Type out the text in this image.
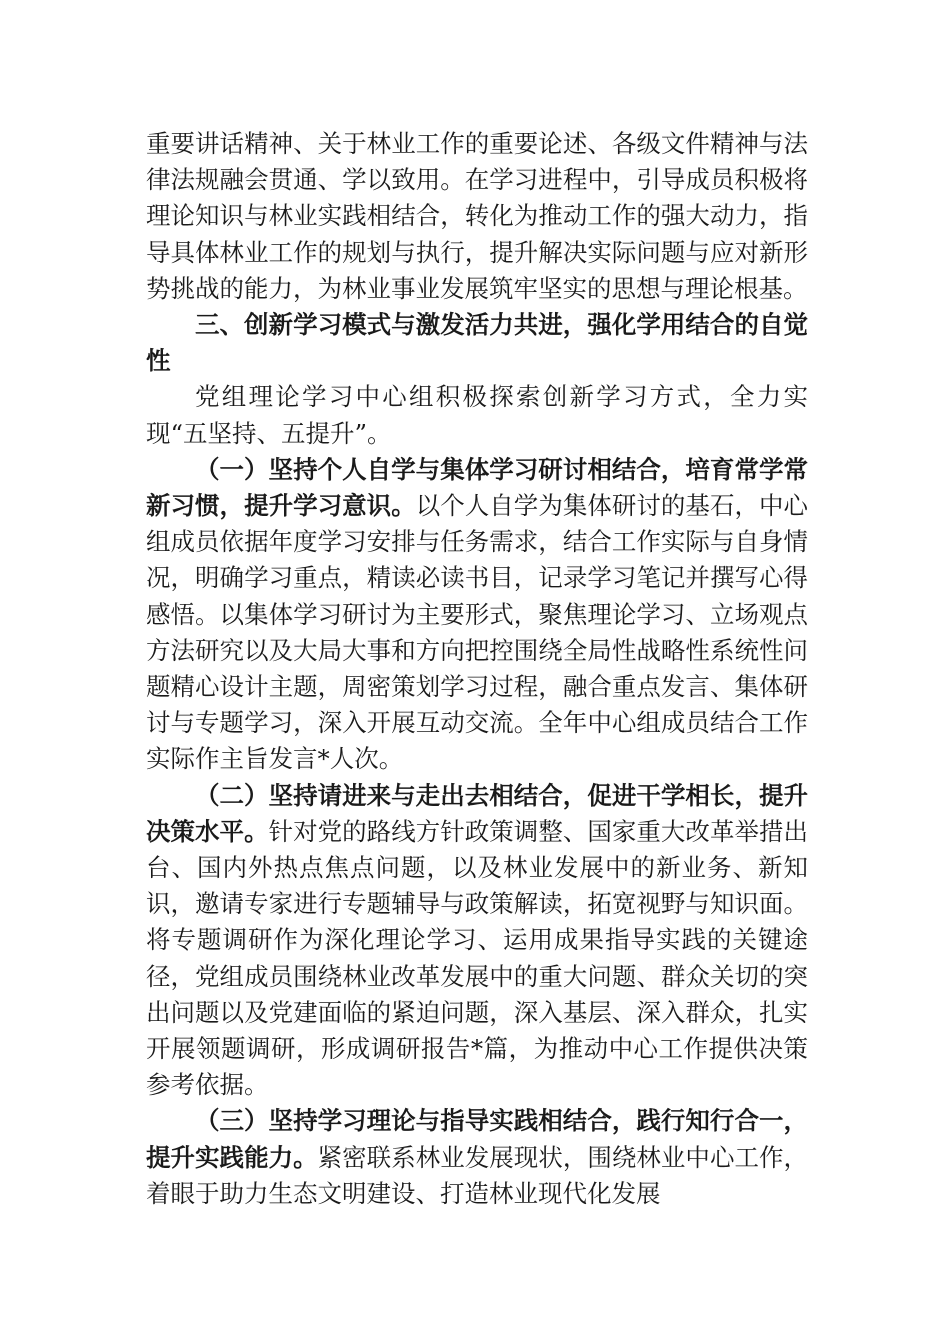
重要讲话精神、关于林业工作的重要论述、各级文件精神与法律法规融会贯通、学以致用。在学习进程中，引导成员积极将理论知识与林业实践相结合，转化为推动工作的强大动力，指导具体林业工作的规划与执行，提升解决实际问题与应对新形势挑战的能力，为林业事业发展筑牢坚实的思想与理论根基。

三、创新学习模式与激发活力共进，强化学用结合的自觉性

党组理论学习中心组积极探索创新学习方式，全力实现“五坚持、五提升”。

（一）坚持个人自学与集体学习研讨相结合，培育常学常新习惯，提升学习意识。以个人自学为集体研讨的基石，中心组成员依据年度学习安排与任务需求，结合工作实际与自身情况，明确学习重点，精读必读书目，记录学习笔记并撰写心得感悟。以集体学习研讨为主要形式，聚焦理论学习、立场观点方法研究以及大局大事和方向把控围绕全局性战略性系统性问题精心设计主题，周密策划学习过程，融合重点发言、集体研讨与专题学习，深入开展互动交流。全年中心组成员结合工作实际作主旨发言*人次。

（二）坚持请进来与走出去相结合，促进干学相长，提升决策水平。针对党的路线方针政策调整、国家重大改革举措出台、国内外热点焦点问题，以及林业发展中的新业务、新知识，邀请专家进行专题辅导与政策解读，拓宽视野与知识面。将专题调研作为深化理论学习、运用成果指导实践的关键途径，党组成员围绕林业改革发展中的重大问题、群众关切的突出问题以及党建面临的紧迫问题，深入基层、深入群众，扎实开展领题调研，形成调研报告*篇，为推动中心工作提供决策参考依据。

（三）坚持学习理论与指导实践相结合，践行知行合一，提升实践能力。紧密联系林业发展现状，围绕林业中心工作，着眼于助力生态文明建设、打造林业现代化发展
